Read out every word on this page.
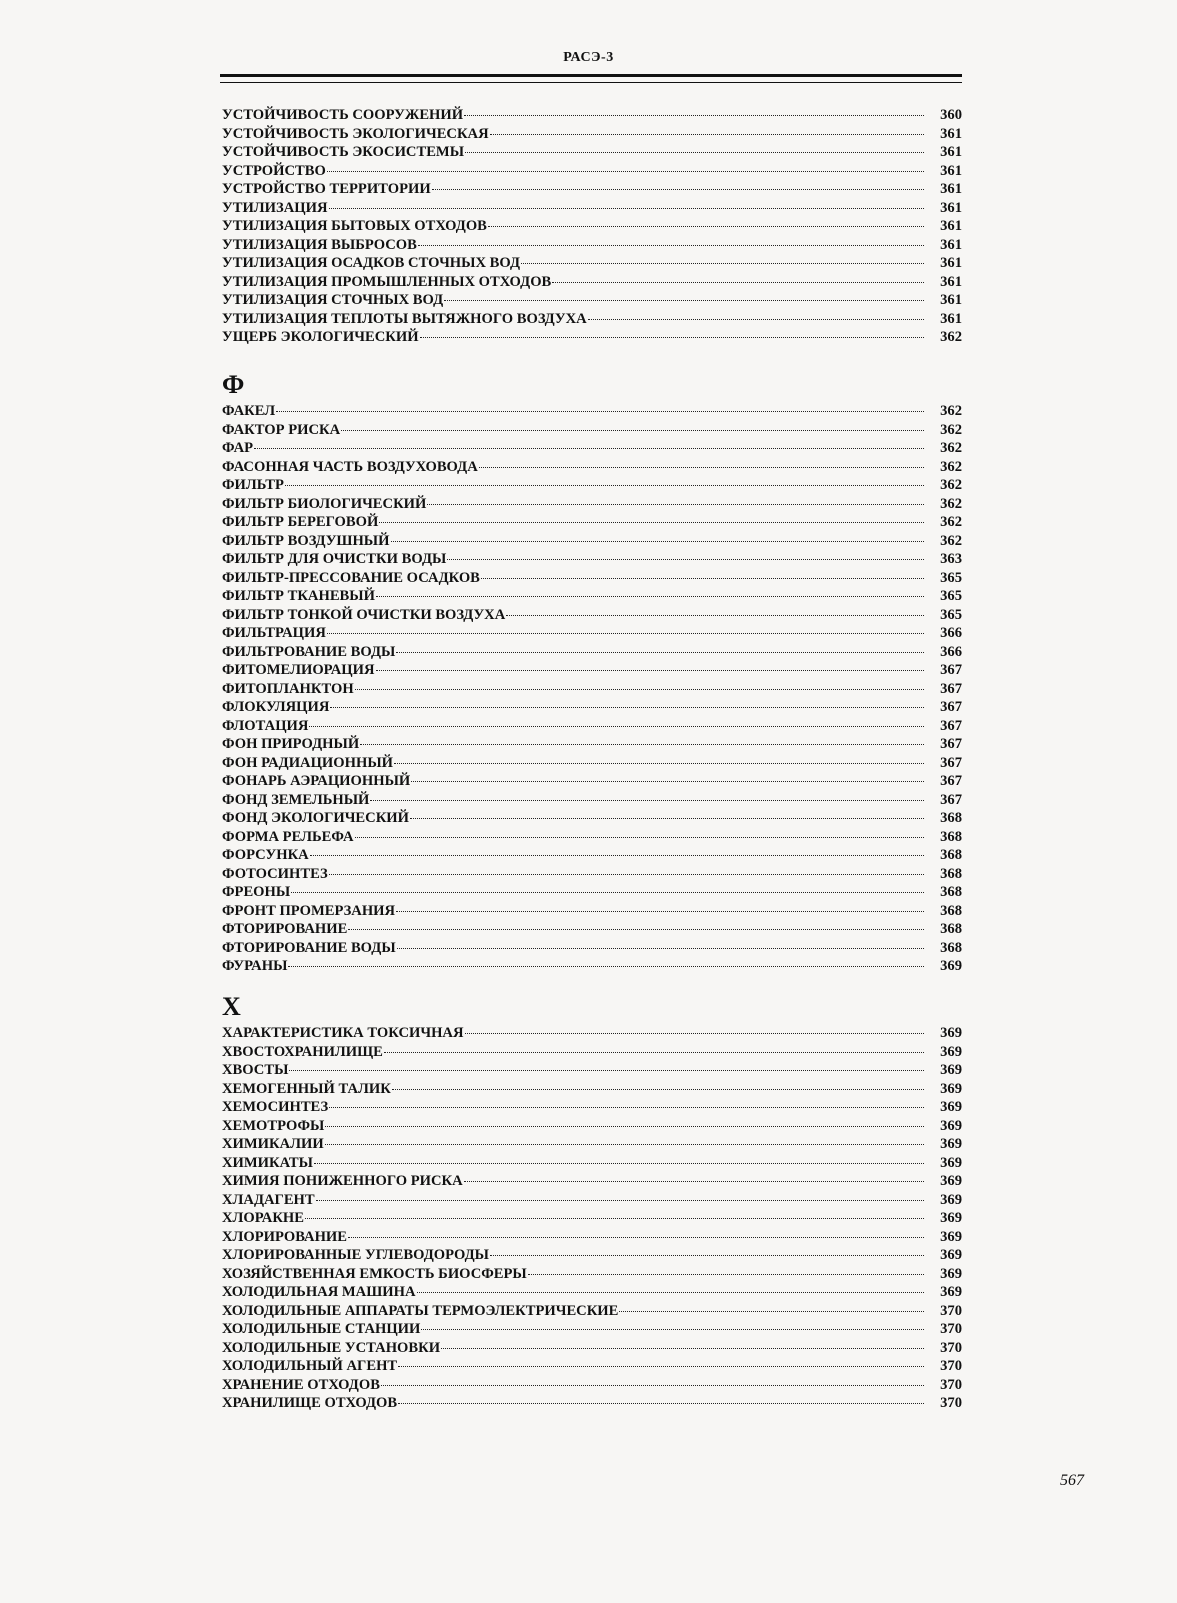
РАСЭ-3
УСТОЙЧИВОСТЬ СООРУЖЕНИЙ	360
УСТОЙЧИВОСТЬ ЭКОЛОГИЧЕСКАЯ	361
УСТОЙЧИВОСТЬ ЭКОСИСТЕМЫ	361
УСТРОЙСТВО	361
УСТРОЙСТВО ТЕРРИТОРИИ	361
УТИЛИЗАЦИЯ	361
УТИЛИЗАЦИЯ БЫТОВЫХ ОТХОДОВ	361
УТИЛИЗАЦИЯ ВЫБРОСОВ	361
УТИЛИЗАЦИЯ ОСАДКОВ СТОЧНЫХ ВОД	361
УТИЛИЗАЦИЯ ПРОМЫШЛЕННЫХ ОТХОДОВ	361
УТИЛИЗАЦИЯ СТОЧНЫХ ВОД	361
УТИЛИЗАЦИЯ ТЕПЛОТЫ ВЫТЯЖНОГО ВОЗДУХА	361
УЩЕРБ ЭКОЛОГИЧЕСКИЙ	362
Ф
ФАКЕЛ	362
ФАКТОР РИСКА	362
ФАР	362
ФАСОННАЯ ЧАСТЬ ВОЗДУХОВОДА	362
ФИЛЬТР	362
ФИЛЬТР БИОЛОГИЧЕСКИЙ	362
ФИЛЬТР БЕРЕГОВОЙ	362
ФИЛЬТР ВОЗДУШНЫЙ	362
ФИЛЬТР ДЛЯ ОЧИСТКИ ВОДЫ	363
ФИЛЬТР-ПРЕССОВАНИЕ ОСАДКОВ	365
ФИЛЬТР ТКАНЕВЫЙ	365
ФИЛЬТР ТОНКОЙ ОЧИСТКИ ВОЗДУХА	365
ФИЛЬТРАЦИЯ	366
ФИЛЬТРОВАНИЕ ВОДЫ	366
ФИТОМЕЛИОРАЦИЯ	367
ФИТОПЛАНКТОН	367
ФЛОКУЛЯЦИЯ	367
ФЛОТАЦИЯ	367
ФОН ПРИРОДНЫЙ	367
ФОН РАДИАЦИОННЫЙ	367
ФОНАРЬ АЭРАЦИОННЫЙ	367
ФОНД ЗЕМЕЛЬНЫЙ	367
ФОНД ЭКОЛОГИЧЕСКИЙ	368
ФОРМА РЕЛЬЕФА	368
ФОРСУНКА	368
ФОТОСИНТЕЗ	368
ФРЕОНЫ	368
ФРОНТ ПРОМЕРЗАНИЯ	368
ФТОРИРОВАНИЕ	368
ФТОРИРОВАНИЕ ВОДЫ	368
ФУРАНЫ	369
Х
ХАРАКТЕРИСТИКА ТОКСИЧНАЯ	369
ХВОСТОХРАНИЛИЩЕ	369
ХВОСТЫ	369
ХЕМОГЕННЫЙ ТАЛИК	369
ХЕМОСИНТЕЗ	369
ХЕМОТРОФЫ	369
ХИМИКАЛИИ	369
ХИМИКАТЫ	369
ХИМИЯ ПОНИЖЕННОГО РИСКА	369
ХЛАДАГЕНТ	369
ХЛОРАКНЕ	369
ХЛОРИРОВАНИЕ	369
ХЛОРИРОВАННЫЕ УГЛЕВОДОРОДЫ	369
ХОЗЯЙСТВЕННАЯ ЕМКОСТЬ БИОСФЕРЫ	369
ХОЛОДИЛЬНАЯ МАШИНА	369
ХОЛОДИЛЬНЫЕ АППАРАТЫ ТЕРМОЭЛЕКТРИЧЕСКИЕ	370
ХОЛОДИЛЬНЫЕ СТАНЦИИ	370
ХОЛОДИЛЬНЫЕ УСТАНОВКИ	370
ХОЛОДИЛЬНЫЙ АГЕНТ	370
ХРАНЕНИЕ ОТХОДОВ	370
ХРАНИЛИЩЕ ОТХОДОВ	370
567
